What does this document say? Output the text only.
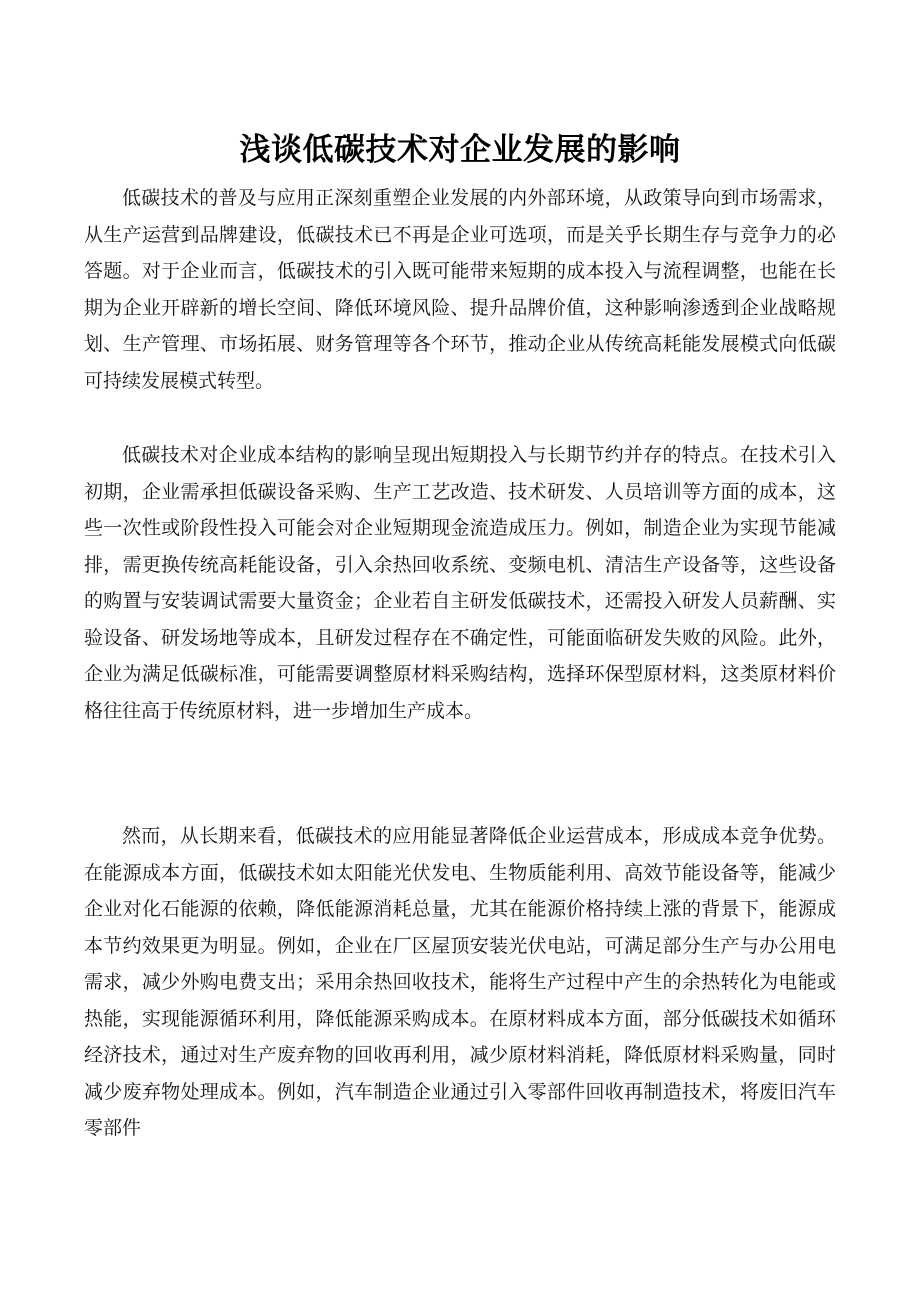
浅谈低碳技术对企业发展的影响

低碳技术的普及与应用正深刻重塑企业发展的内外部环境，从政策导向到市场需求，从生产运营到品牌建设，低碳技术已不再是企业可选项，而是关乎长期生存与竞争力的必答题。对于企业而言，低碳技术的引入既可能带来短期的成本投入与流程调整，也能在长期为企业开辟新的增长空间、降低环境风险、提升品牌价值，这种影响渗透到企业战略规划、生产管理、市场拓展、财务管理等各个环节，推动企业从传统高耗能发展模式向低碳可持续发展模式转型。

低碳技术对企业成本结构的影响呈现出短期投入与长期节约并存的特点。在技术引入初期，企业需承担低碳设备采购、生产工艺改造、技术研发、人员培训等方面的成本，这些一次性或阶段性投入可能会对企业短期现金流造成压力。例如，制造企业为实现节能减排，需更换传统高耗能设备，引入余热回收系统、变频电机、清洁生产设备等，这些设备的购置与安装调试需要大量资金；企业若自主研发低碳技术，还需投入研发人员薪酬、实验设备、研发场地等成本，且研发过程存在不确定性，可能面临研发失败的风险。此外，企业为满足低碳标准，可能需要调整原材料采购结构，选择环保型原材料，这类原材料价格往往高于传统原材料，进一步增加生产成本。

然而，从长期来看，低碳技术的应用能显著降低企业运营成本，形成成本竞争优势。在能源成本方面，低碳技术如太阳能光伏发电、生物质能利用、高效节能设备等，能减少企业对化石能源的依赖，降低能源消耗总量，尤其在能源价格持续上涨的背景下，能源成本节约效果更为明显。例如，企业在厂区屋顶安装光伏电站，可满足部分生产与办公用电需求，减少外购电费支出；采用余热回收技术，能将生产过程中产生的余热转化为电能或热能，实现能源循环利用，降低能源采购成本。在原材料成本方面，部分低碳技术如循环经济技术，通过对生产废弃物的回收再利用，减少原材料消耗，降低原材料采购量，同时减少废弃物处理成本。例如，汽车制造企业通过引入零部件回收再制造技术，将废旧汽车零部件
